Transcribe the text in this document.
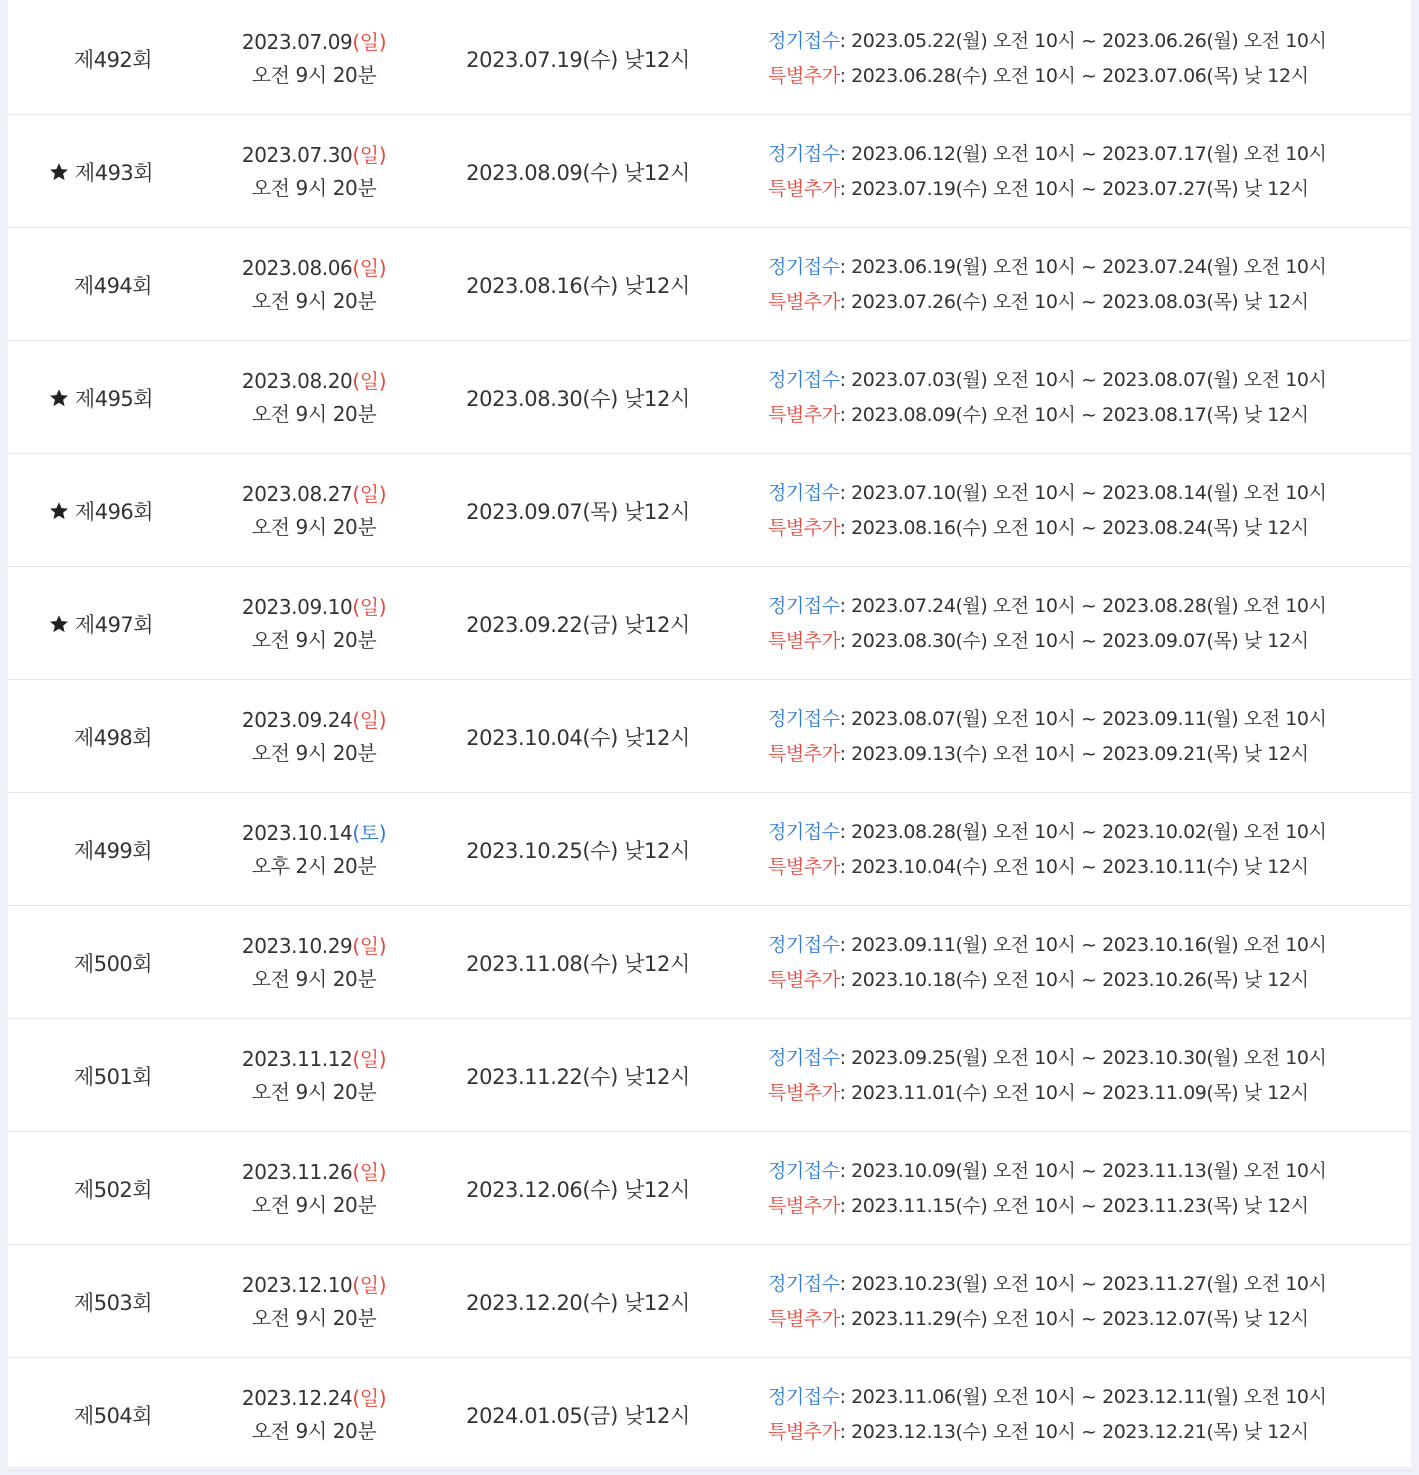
제492회
2023.07.09(일)
오전 9시 20분
2023.07.19(수) 낮12시
정기접수: 2023.05.22(월) 오전 10시 ~ 2023.06.26(월) 오전 10시
특별추가: 2023.06.28(수) 오전 10시 ~ 2023.07.06(목) 낮 12시
제493회
2023.07.30(일)
오전 9시 20분
2023.08.09(수) 낮12시
정기접수: 2023.06.12(월) 오전 10시 ~ 2023.07.17(월) 오전 10시
특별추가: 2023.07.19(수) 오전 10시 ~ 2023.07.27(목) 낮 12시
제494회
2023.08.06(일)
오전 9시 20분
2023.08.16(수) 낮12시
정기접수: 2023.06.19(월) 오전 10시 ~ 2023.07.24(월) 오전 10시
특별추가: 2023.07.26(수) 오전 10시 ~ 2023.08.03(목) 낮 12시
제495회
2023.08.20(일)
오전 9시 20분
2023.08.30(수) 낮12시
정기접수: 2023.07.03(월) 오전 10시 ~ 2023.08.07(월) 오전 10시
특별추가: 2023.08.09(수) 오전 10시 ~ 2023.08.17(목) 낮 12시
제496회
2023.08.27(일)
오전 9시 20분
2023.09.07(목) 낮12시
정기접수: 2023.07.10(월) 오전 10시 ~ 2023.08.14(월) 오전 10시
특별추가: 2023.08.16(수) 오전 10시 ~ 2023.08.24(목) 낮 12시
제497회
2023.09.10(일)
오전 9시 20분
2023.09.22(금) 낮12시
정기접수: 2023.07.24(월) 오전 10시 ~ 2023.08.28(월) 오전 10시
특별추가: 2023.08.30(수) 오전 10시 ~ 2023.09.07(목) 낮 12시
제498회
2023.09.24(일)
오전 9시 20분
2023.10.04(수) 낮12시
정기접수: 2023.08.07(월) 오전 10시 ~ 2023.09.11(월) 오전 10시
특별추가: 2023.09.13(수) 오전 10시 ~ 2023.09.21(목) 낮 12시
제499회
2023.10.14(토)
오후 2시 20분
2023.10.25(수) 낮12시
정기접수: 2023.08.28(월) 오전 10시 ~ 2023.10.02(월) 오전 10시
특별추가: 2023.10.04(수) 오전 10시 ~ 2023.10.11(수) 낮 12시
제500회
2023.10.29(일)
오전 9시 20분
2023.11.08(수) 낮12시
정기접수: 2023.09.11(월) 오전 10시 ~ 2023.10.16(월) 오전 10시
특별추가: 2023.10.18(수) 오전 10시 ~ 2023.10.26(목) 낮 12시
제501회
2023.11.12(일)
오전 9시 20분
2023.11.22(수) 낮12시
정기접수: 2023.09.25(월) 오전 10시 ~ 2023.10.30(월) 오전 10시
특별추가: 2023.11.01(수) 오전 10시 ~ 2023.11.09(목) 낮 12시
제502회
2023.11.26(일)
오전 9시 20분
2023.12.06(수) 낮12시
정기접수: 2023.10.09(월) 오전 10시 ~ 2023.11.13(월) 오전 10시
특별추가: 2023.11.15(수) 오전 10시 ~ 2023.11.23(목) 낮 12시
제503회
2023.12.10(일)
오전 9시 20분
2023.12.20(수) 낮12시
정기접수: 2023.10.23(월) 오전 10시 ~ 2023.11.27(월) 오전 10시
특별추가: 2023.11.29(수) 오전 10시 ~ 2023.12.07(목) 낮 12시
제504회
2023.12.24(일)
오전 9시 20분
2024.01.05(금) 낮12시
정기접수: 2023.11.06(월) 오전 10시 ~ 2023.12.11(월) 오전 10시
특별추가: 2023.12.13(수) 오전 10시 ~ 2023.12.21(목) 낮 12시
